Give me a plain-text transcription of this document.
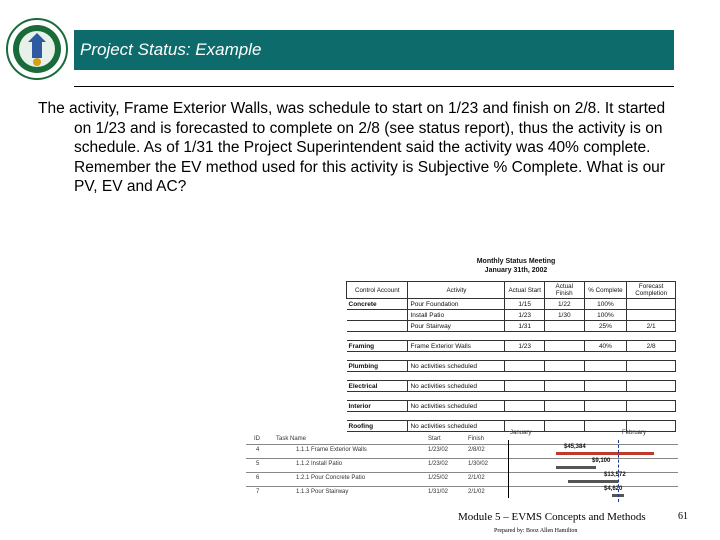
Project Status: Example

The activity, Frame Exterior Walls, was schedule to start on 1/23 and finish on 2/8. It started on 1/23 and is forecasted to complete on 2/8 (see status report), thus the activity is on schedule. As of 1/31 the Project Superintendent said the activity was 40% complete. Remember the EV method used for this activity is Subjective % Complete. What is our PV, EV and AC?

Monthly Status Meeting
January 31th, 2002
Control Account	Activity	Actual Start	Actual Finish	% Complete	Forecast Completion
Concrete	Pour Foundation	1/15	1/22	100%	
	Install Patio	1/23	1/30	100%	
	Pour Stairway	1/31		25%	2/1

Framing	Frame Exterior Walls	1/23		40%	2/8

Plumbing	No activities scheduled				

Electrical	No activities scheduled				

Interior	No activities scheduled				

Roofing	No activities scheduled				
ID	Task Name	Start	Finish
January	February
4	1.1.1 Frame Exterior Walls	1/23/02	2/8/02	$45,384
5	1.1.2 Install Patio	1/23/02	1/30/02	$9,100
6	1.2.1 Pour Concrete Patio	1/25/02	2/1/02	$13,572
7	1.1.3 Pour Stairway	1/31/02	2/1/02	$4,620
Module 5 – EVMS Concepts and Methods
Prepared by: Booz Allen Hamilton
61
